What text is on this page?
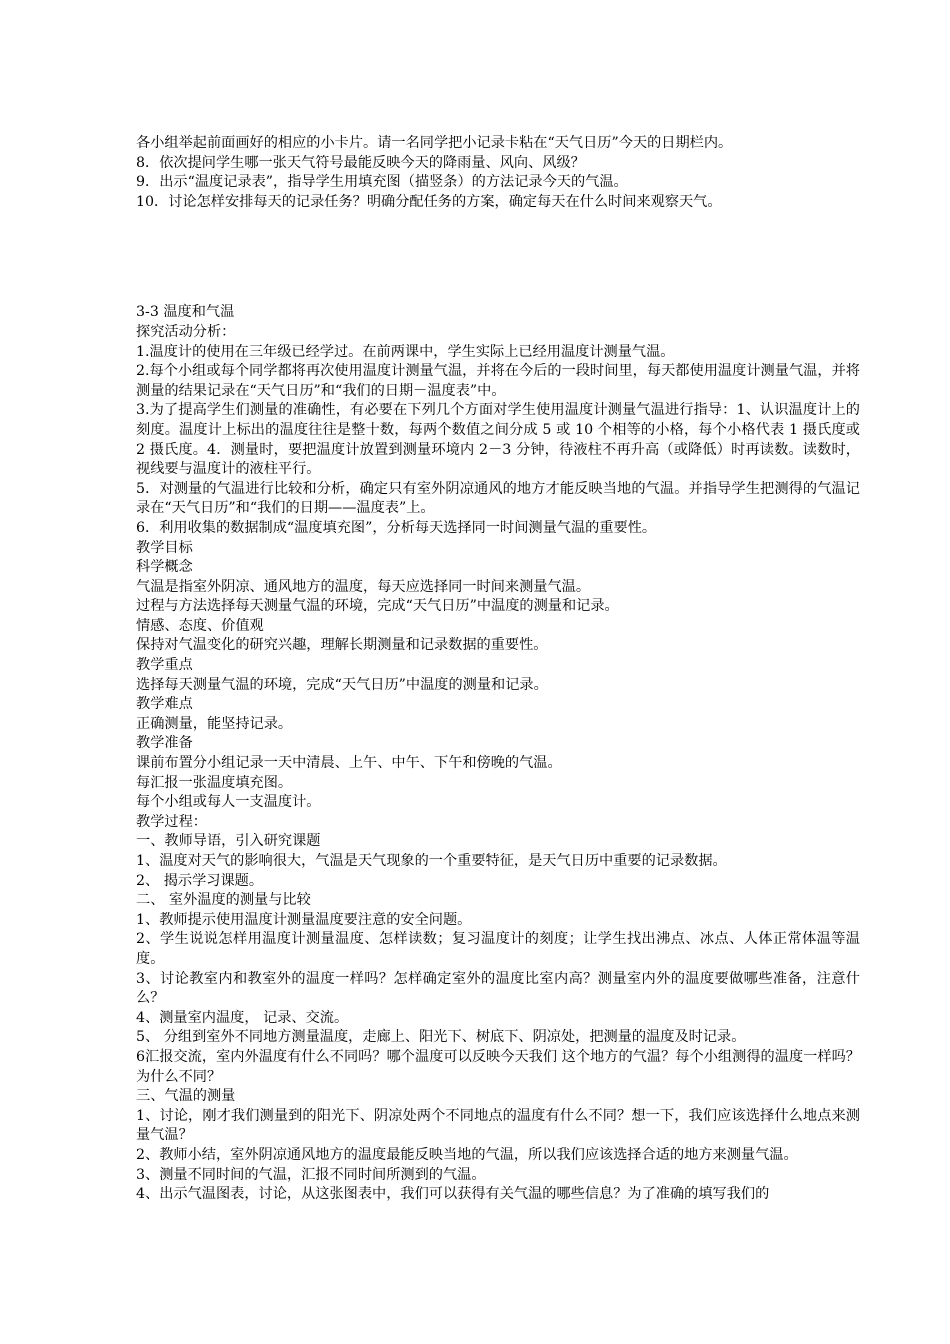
各小组举起前面画好的相应的小卡片。请一名同学把小记录卡粘在“天气日历”今天的日期栏内。

8．依次提问学生哪一张天气符号最能反映今天的降雨量、风向、风级？

9．出示“温度记录表”，指导学生用填充图（描竖条）的方法记录今天的气温。

10．讨论怎样安排每天的记录任务？明确分配任务的方案，确定每天在什么时间来观察天气。

3-3 温度和气温

探究活动分析：

1.温度计的使用在三年级已经学过。在前两课中，学生实际上已经用温度计测量气温。

2.每个小组或每个同学都将再次使用温度计测量气温，并将在今后的一段时间里，每天都使用温度计测量气温，并将测量的结果记录在“天气日历”和“我们的日期－温度表”中。

3.为了提高学生们测量的准确性，有必要在下列几个方面对学生使用温度计测量气温进行指导：1、认识温度计上的刻度。温度计上标出的温度往往是整十数，每两个数值之间分成 5 或 10 个相等的小格，每个小格代表 1 摄氏度或 2 摄氏度。4．测量时，要把温度计放置到测量环境内 2－3 分钟，待液柱不再升高（或降低）时再读数。读数时，视线要与温度计的液柱平行。

5．对测量的气温进行比较和分析，确定只有室外阴凉通风的地方才能反映当地的气温。并指导学生把测得的气温记录在“天气日历”和“我们的日期——温度表”上。

6．利用收集的数据制成“温度填充图”，分析每天选择同一时间测量气温的重要性。

教学目标

科学概念

气温是指室外阴凉、通风地方的温度，每天应选择同一时间来测量气温。

过程与方法选择每天测量气温的环境，完成“天气日历”中温度的测量和记录。

情感、态度、价值观

保持对气温变化的研究兴趣，理解长期测量和记录数据的重要性。

教学重点

选择每天测量气温的环境，完成“天气日历”中温度的测量和记录。

教学难点

正确测量，能坚持记录。

教学准备

课前布置分小组记录一天中清晨、上午、中午、下午和傍晚的气温。

每汇报一张温度填充图。

每个小组或每人一支温度计。

教学过程：

一、教师导语，引入研究课题

1、温度对天气的影响很大，气温是天气现象的一个重要特征，是天气日历中重要的记录数据。

2、 揭示学习课题。

二、 室外温度的测量与比较

1、教师提示使用温度计测量温度要注意的安全问题。

2、学生说说怎样用温度计测量温度、怎样读数；复习温度计的刻度；让学生找出沸点、冰点、人体正常体温等温度。

3、讨论教室内和教室外的温度一样吗？怎样确定室外的温度比室内高？测量室内外的温度要做哪些准备，注意什么？

4、测量室内温度， 记录、交流。

5、 分组到室外不同地方测量温度，走廊上、阳光下、树底下、阴凉处，把测量的温度及时记录。

6汇报交流，室内外温度有什么不同吗？哪个温度可以反映今天我们 这个地方的气温？每个小组测得的温度一样吗？为什么不同？

三、气温的测量

1、讨论，刚才我们测量到的阳光下、阴凉处两个不同地点的温度有什么不同？想一下，我们应该选择什么地点来测量气温？

2、教师小结，室外阴凉通风地方的温度最能反映当地的气温，所以我们应该选择合适的地方来测量气温。

3、测量不同时间的气温，汇报不同时间所测到的气温。

4、出示气温图表，讨论，从这张图表中，我们可以获得有关气温的哪些信息？为了准确的填写我们的
